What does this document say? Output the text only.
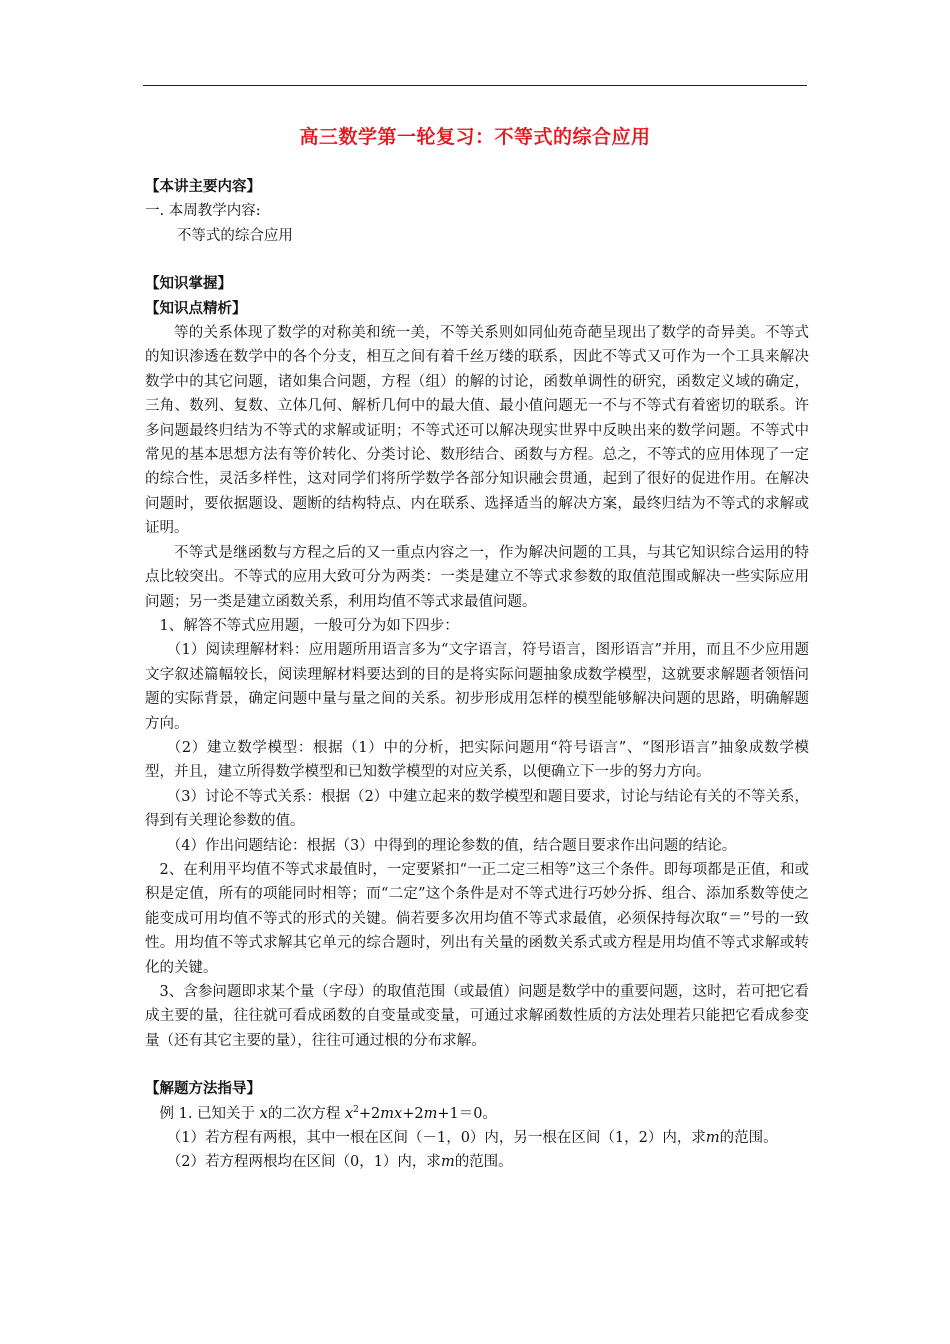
高三数学第一轮复习：不等式的综合应用

【本讲主要内容】

一. 本周教学内容:

不等式的综合应用

【知识掌握】

【知识点精析】

等的关系体现了数学的对称美和统一美，不等关系则如同仙苑奇葩呈现出了数学的奇异美。不等式的知识渗透在数学中的各个分支，相互之间有着千丝万缕的联系，因此不等式又可作为一个工具来解决数学中的其它问题，诸如集合问题，方程（组）的解的讨论，函数单调性的研究，函数定义域的确定，三角、数列、复数、立体几何、解析几何中的最大值、最小值问题无一不与不等式有着密切的联系。许多问题最终归结为不等式的求解或证明；不等式还可以解决现实世界中反映出来的数学问题。不等式中常见的基本思想方法有等价转化、分类讨论、数形结合、函数与方程。总之，不等式的应用体现了一定的综合性，灵活多样性，这对同学们将所学数学各部分知识融会贯通，起到了很好的促进作用。在解决问题时，要依据题设、题断的结构特点、内在联系、选择适当的解决方案，最终归结为不等式的求解或证明。

不等式是继函数与方程之后的又一重点内容之一，作为解决问题的工具，与其它知识综合运用的特点比较突出。不等式的应用大致可分为两类：一类是建立不等式求参数的取值范围或解决一些实际应用问题；另一类是建立函数关系，利用均值不等式求最值问题。

1、解答不等式应用题，一般可分为如下四步：

（1）阅读理解材料：应用题所用语言多为“文字语言，符号语言，图形语言”并用，而且不少应用题文字叙述篇幅较长，阅读理解材料要达到的目的是将实际问题抽象成数学模型，这就要求解题者领悟问题的实际背景，确定问题中量与量之间的关系。初步形成用怎样的模型能够解决问题的思路，明确解题方向。

（2）建立数学模型：根据（1）中的分析，把实际问题用“符号语言”、“图形语言”抽象成数学模型，并且，建立所得数学模型和已知数学模型的对应关系，以便确立下一步的努力方向。

（3）讨论不等式关系：根据（2）中建立起来的数学模型和题目要求，讨论与结论有关的不等关系，得到有关理论参数的值。

（4）作出问题结论：根据（3）中得到的理论参数的值，结合题目要求作出问题的结论。

2、在利用平均值不等式求最值时，一定要紧扣“一正二定三相等”这三个条件。即每项都是正值，和或积是定值，所有的项能同时相等；而“二定”这个条件是对不等式进行巧妙分拆、组合、添加系数等使之能变成可用均值不等式的形式的关键。倘若要多次用均值不等式求最值，必须保持每次取“＝”号的一致性。用均值不等式求解其它单元的综合题时，列出有关量的函数关系式或方程是用均值不等式求解或转化的关键。

3、含参问题即求某个量（字母）的取值范围（或最值）问题是数学中的重要问题，这时，若可把它看成主要的量，往往就可看成函数的自变量或变量，可通过求解函数性质的方法处理若只能把它看成参变量（还有其它主要的量），往往可通过根的分布求解。

【解题方法指导】

例 1. 已知关于 x的二次方程 $x^2+2mx+2m+1=0$。

（1）若方程有两根，其中一根在区间（－1，0）内，另一根在区间（1，2）内，求m的范围。

（2）若方程两根均在区间（0，1）内，求m的范围。
